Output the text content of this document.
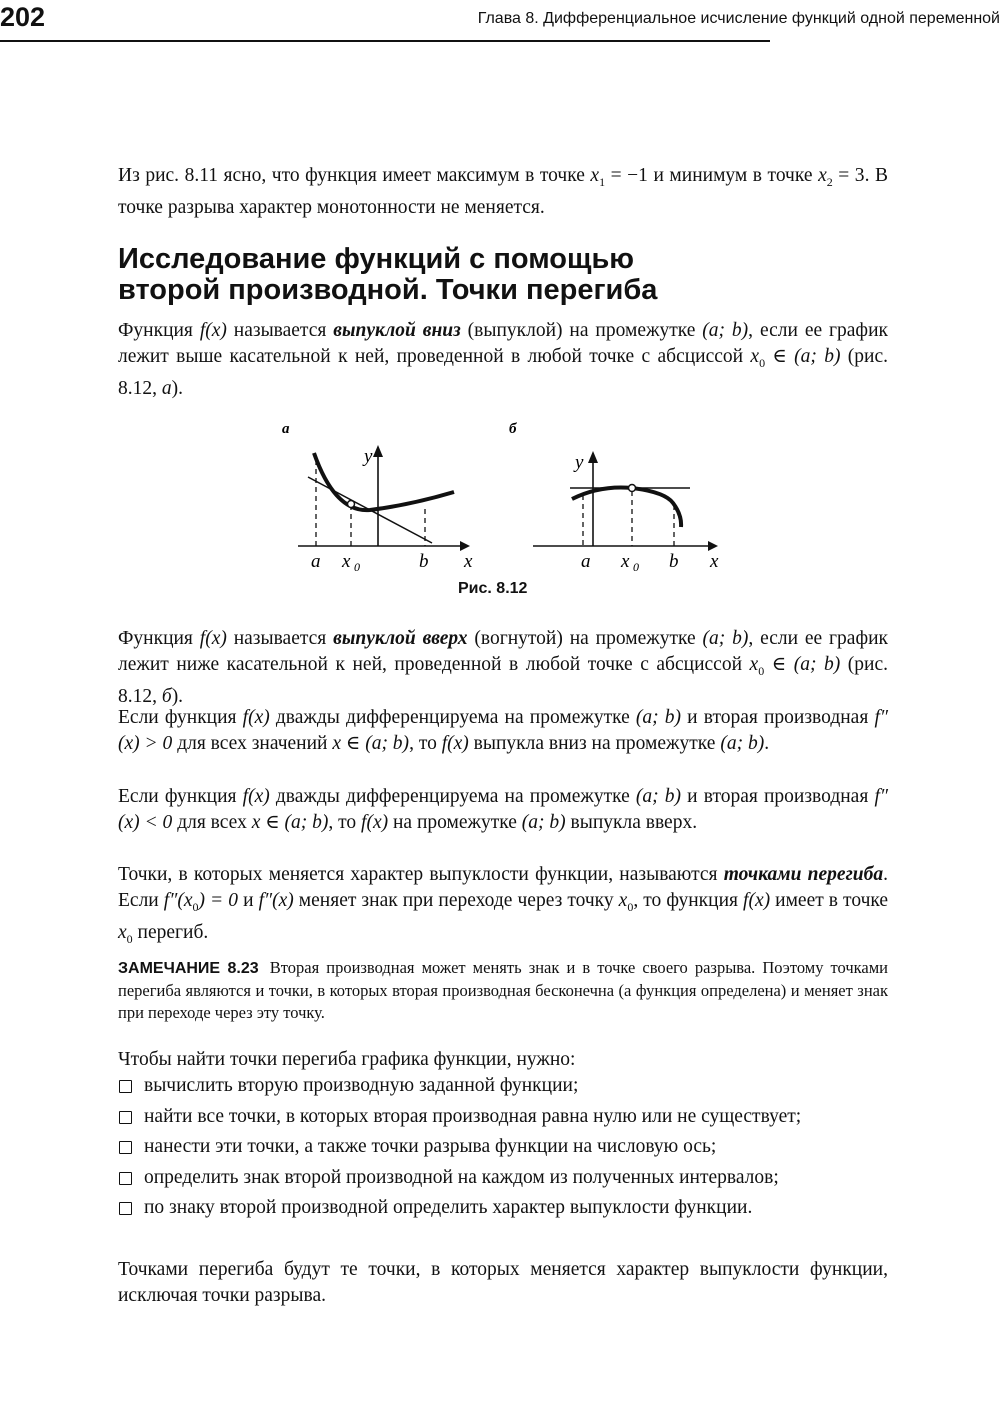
202	Глава 8. Дифференциальное исчисление функций одной переменной
Из рис. 8.11 ясно, что функция имеет максимум в точке $x_1 = -1$ и минимум в точке $x_2 = 3$. В точке разрыва характер монотонности не меняется.
Исследование функций с помощью
второй производной. Точки перегиба
Функция f(x) называется выпуклой вниз (выпуклой) на промежутке (a; b), если ее график лежит выше касательной к ней, проведенной в любой точке с абсциссой $x_0$ ∈ (a; b) (рис. 8.12, а).
а
y
a x 0	b x
б
y
a x 0 b x
Рис. 8.12
Функция f(x) называется выпуклой вверх (вогнутой) на промежутке (a; b), если ее график лежит ниже касательной к ней, проведенной в любой точке с абсциссой $x_0$ ∈ (a; b) (рис. 8.12, б).
Если функция f(x) дважды дифференцируема на промежутке (a; b) и вторая производная f″(x) > 0 для всех значений x ∈ (a; b), то f(x) выпукла вниз на промежутке (a; b).
Если функция f(x) дважды дифференцируема на промежутке (a; b) и вторая производная f″(x) < 0 для всех x ∈ (a; b), то f(x) на промежутке (a; b) выпукла вверх.
Точки, в которых меняется характер выпуклости функции, называются точками перегиба. Если $f''(x_0) = 0$ и f″(x) меняет знак при переходе через точку $x_0$, то функция f(x) имеет в точке $x_0$ перегиб.
ЗАМЕЧАНИЕ 8.23 Вторая производная может менять знак и в точке своего разрыва. Поэтому точками перегиба являются и точки, в которых вторая производная бесконечна (а функция определена) и меняет знак при переходе через эту точку.
Чтобы найти точки перегиба графика функции, нужно:
вычислить вторую производную заданной функции;
найти все точки, в которых вторая производная равна нулю или не существует;
нанести эти точки, а также точки разрыва функции на числовую ось;
определить знак второй производной на каждом из полученных интервалов;
по знаку второй производной определить характер выпуклости функции.
Точками перегиба будут те точки, в которых меняется характер выпуклости функции, исключая точки разрыва.
